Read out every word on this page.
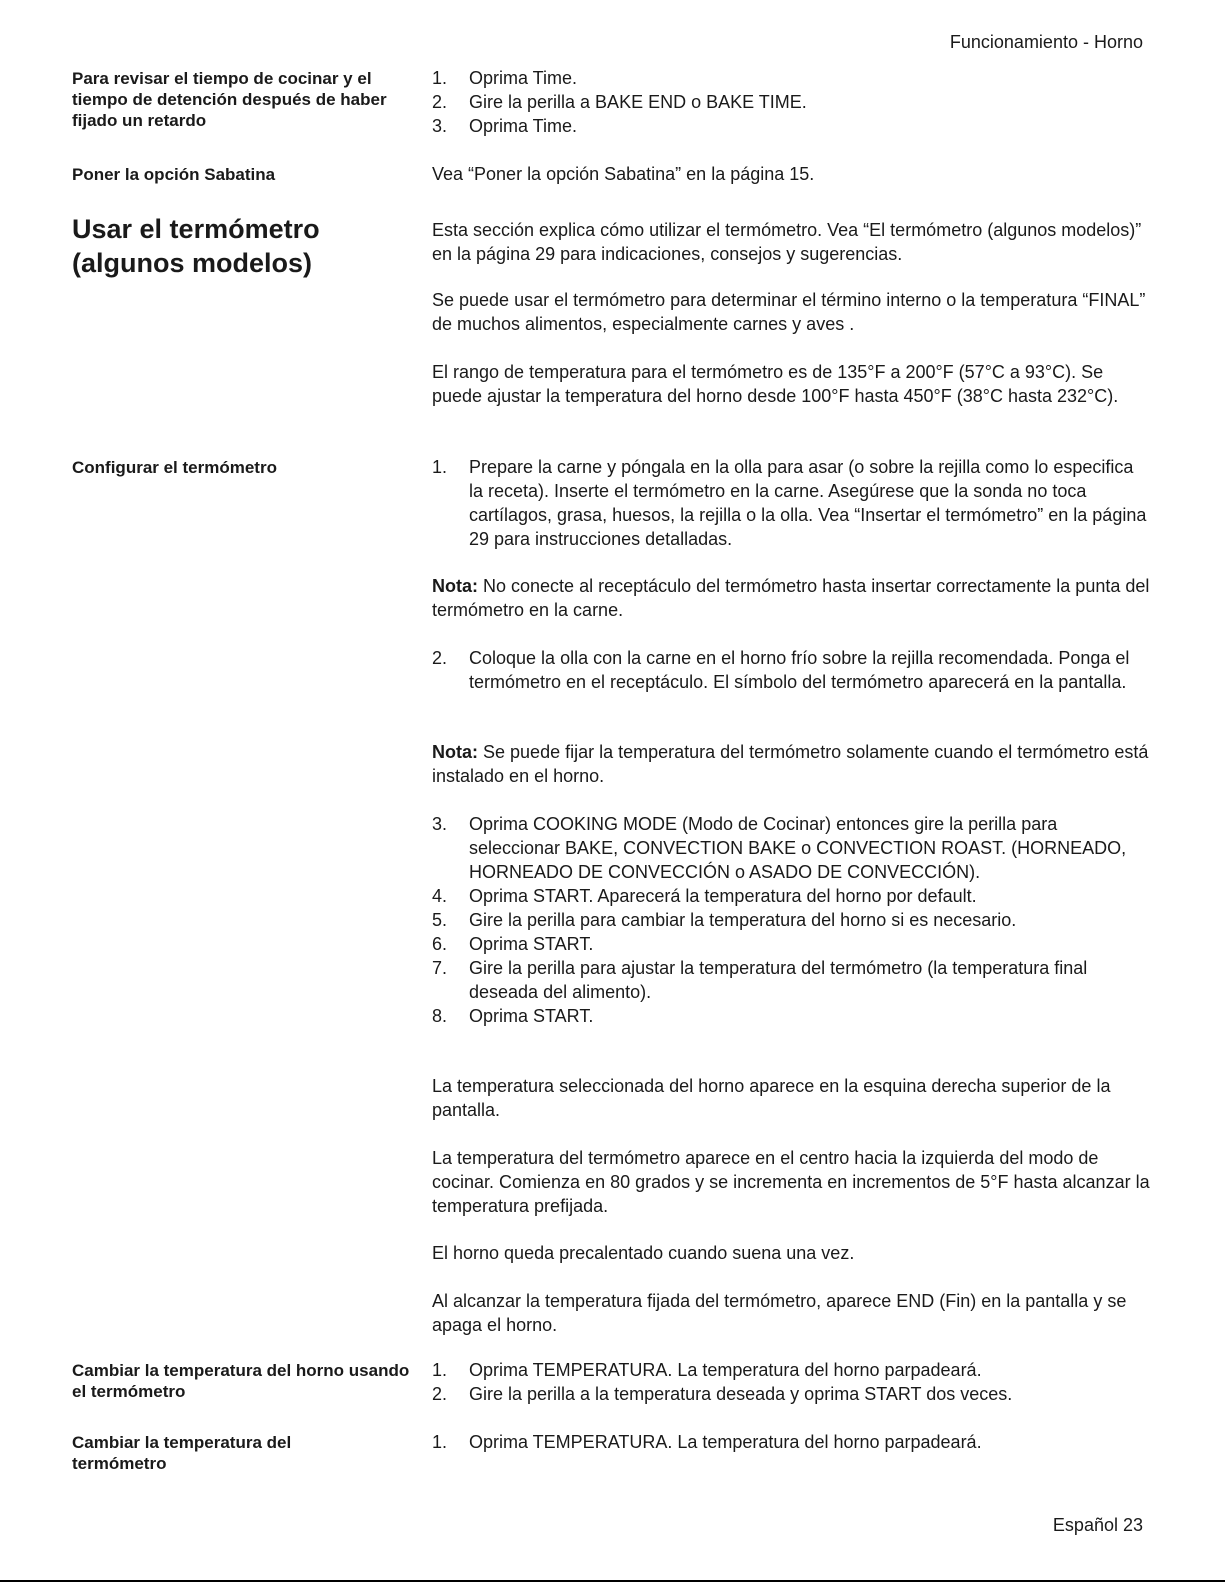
Funcionamiento - Horno
Para revisar el tiempo de cocinar y el tiempo de detención después de haber fijado un retardo
1. Oprima Time.
2. Gire la perilla a BAKE END o BAKE TIME.
3. Oprima Time.
Poner la opción Sabatina	Vea “Poner la opción Sabatina” en la página 15.

Usar el termómetro (algunos modelos)

Esta sección explica cómo utilizar el termómetro. Vea “El termómetro (algunos modelos)” en la página 29 para indicaciones, consejos y sugerencias.

Se puede usar el termómetro para determinar el término interno o la temperatura “FINAL” de muchos alimentos, especialmente carnes y aves .

El rango de temperatura para el termómetro es de 135°F a 200°F (57°C a 93°C). Se puede ajustar la temperatura del horno desde 100°F hasta 450°F (38°C hasta 232°C).

Configurar el termómetro	1. Prepare la carne y póngala en la olla para asar (o sobre la rejilla como lo especifica la receta). Inserte el termómetro en la carne. Asegúrese que la sonda no toca cartílagos, grasa, huesos, la rejilla o la olla. Vea “Insertar el termómetro” en la página 29 para instrucciones detalladas.

Nota: No conecte al receptáculo del termómetro hasta insertar correctamente la punta del termómetro en la carne.

2. Coloque la olla con la carne en el horno frío sobre la rejilla recomendada. Ponga el termómetro en el receptáculo. El símbolo del termómetro aparecerá en la pantalla.

Nota: Se puede fijar la temperatura del termómetro solamente cuando el termómetro está instalado en el horno.

3. Oprima COOKING MODE (Modo de Cocinar) entonces gire la perilla para seleccionar BAKE, CONVECTION BAKE o CONVECTION ROAST. (HORNEADO, HORNEADO DE CONVECCIÓN o ASADO DE CONVECCIÓN).
4. Oprima START. Aparecerá la temperatura del horno por default.
5. Gire la perilla para cambiar la temperatura del horno si es necesario.
6. Oprima START.
7. Gire la perilla para ajustar la temperatura del termómetro (la temperatura final deseada del alimento).
8. Oprima START.

La temperatura seleccionada del horno aparece en la esquina derecha superior de la pantalla.

La temperatura del termómetro aparece en el centro hacia la izquierda del modo de cocinar. Comienza en 80 grados y se incrementa en incrementos de 5°F hasta alcanzar la temperatura prefijada.

El horno queda precalentado cuando suena una vez.

Al alcanzar la temperatura fijada del termómetro, aparece END (Fin) en la pantalla y se apaga el horno.

Cambiar la temperatura del horno usando el termómetro
1. Oprima TEMPERATURA. La temperatura del horno parpadeará.
2. Gire la perilla a la temperatura deseada y oprima START dos veces.
Cambiar la temperatura del termómetro
1. Oprima TEMPERATURA. La temperatura del horno parpadeará.
Español 23
